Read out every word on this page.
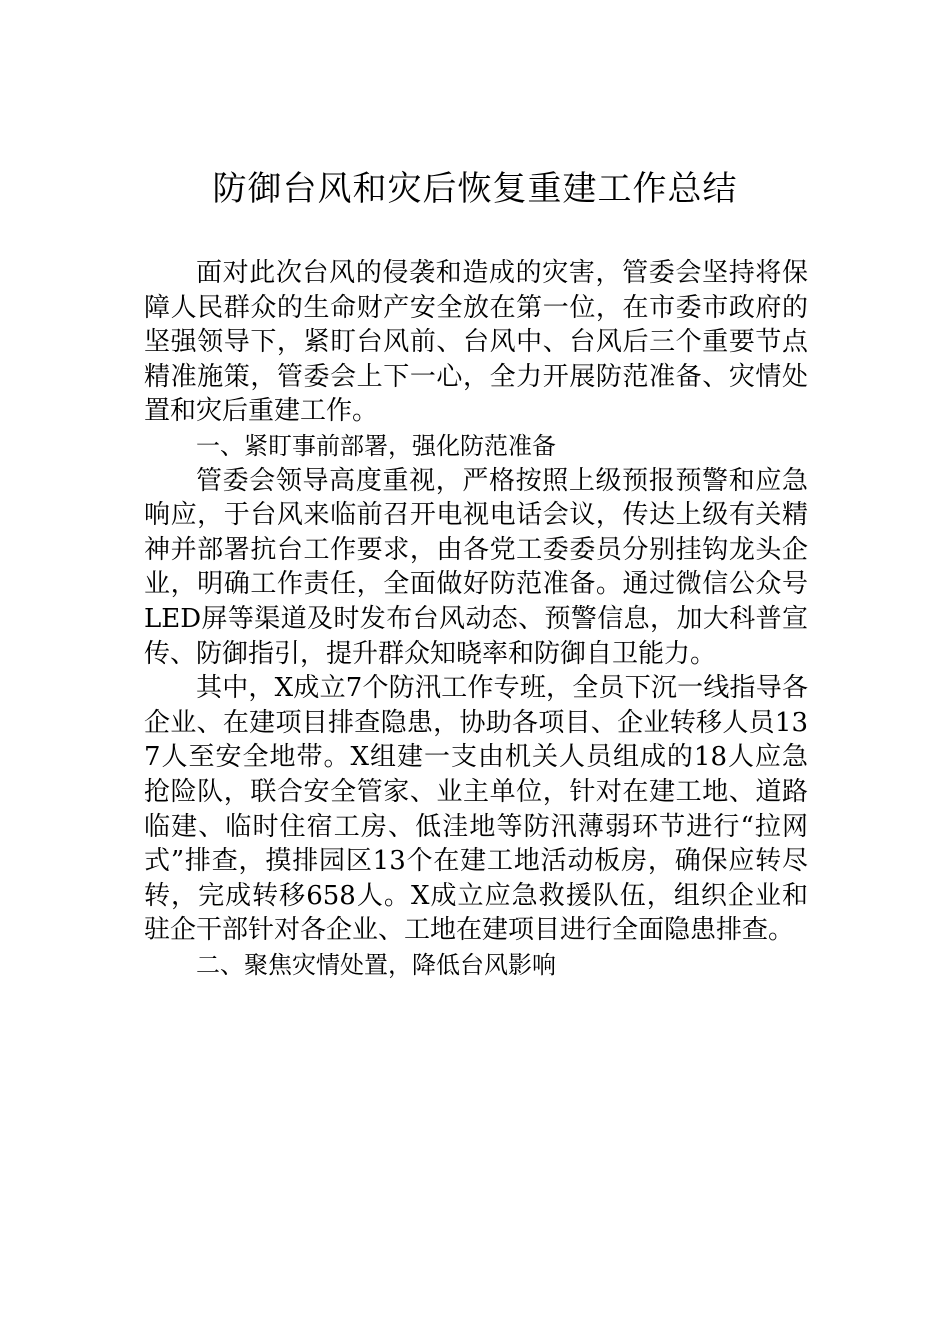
防御台风和灾后恢复重建工作总结

面对此次台风的侵袭和造成的灾害，管委会坚持将保障人民群众的生命财产安全放在第一位，在市委市政府的坚强领导下，紧盯台风前、台风中、台风后三个重要节点精准施策，管委会上下一心，全力开展防范准备、灾情处置和灾后重建工作。

一、紧盯事前部署，强化防范准备

管委会领导高度重视，严格按照上级预报预警和应急响应，于台风来临前召开电视电话会议，传达上级有关精神并部署抗台工作要求，由各党工委委员分别挂钩龙头企业，明确工作责任，全面做好防范准备。通过微信公众号LED屏等渠道及时发布台风动态、预警信息，加大科普宣传、防御指引，提升群众知晓率和防御自卫能力。

其中，X成立7个防汛工作专班，全员下沉一线指导各企业、在建项目排查隐患，协助各项目、企业转移人员137人至安全地带。X组建一支由机关人员组成的18人应急抢险队，联合安全管家、业主单位，针对在建工地、道路临建、临时住宿工房、低洼地等防汛薄弱环节进行“拉网式”排查，摸排园区13个在建工地活动板房，确保应转尽转，完成转移658人。X成立应急救援队伍，组织企业和驻企干部针对各企业、工地在建项目进行全面隐患排查。

二、聚焦灾情处置，降低台风影响
